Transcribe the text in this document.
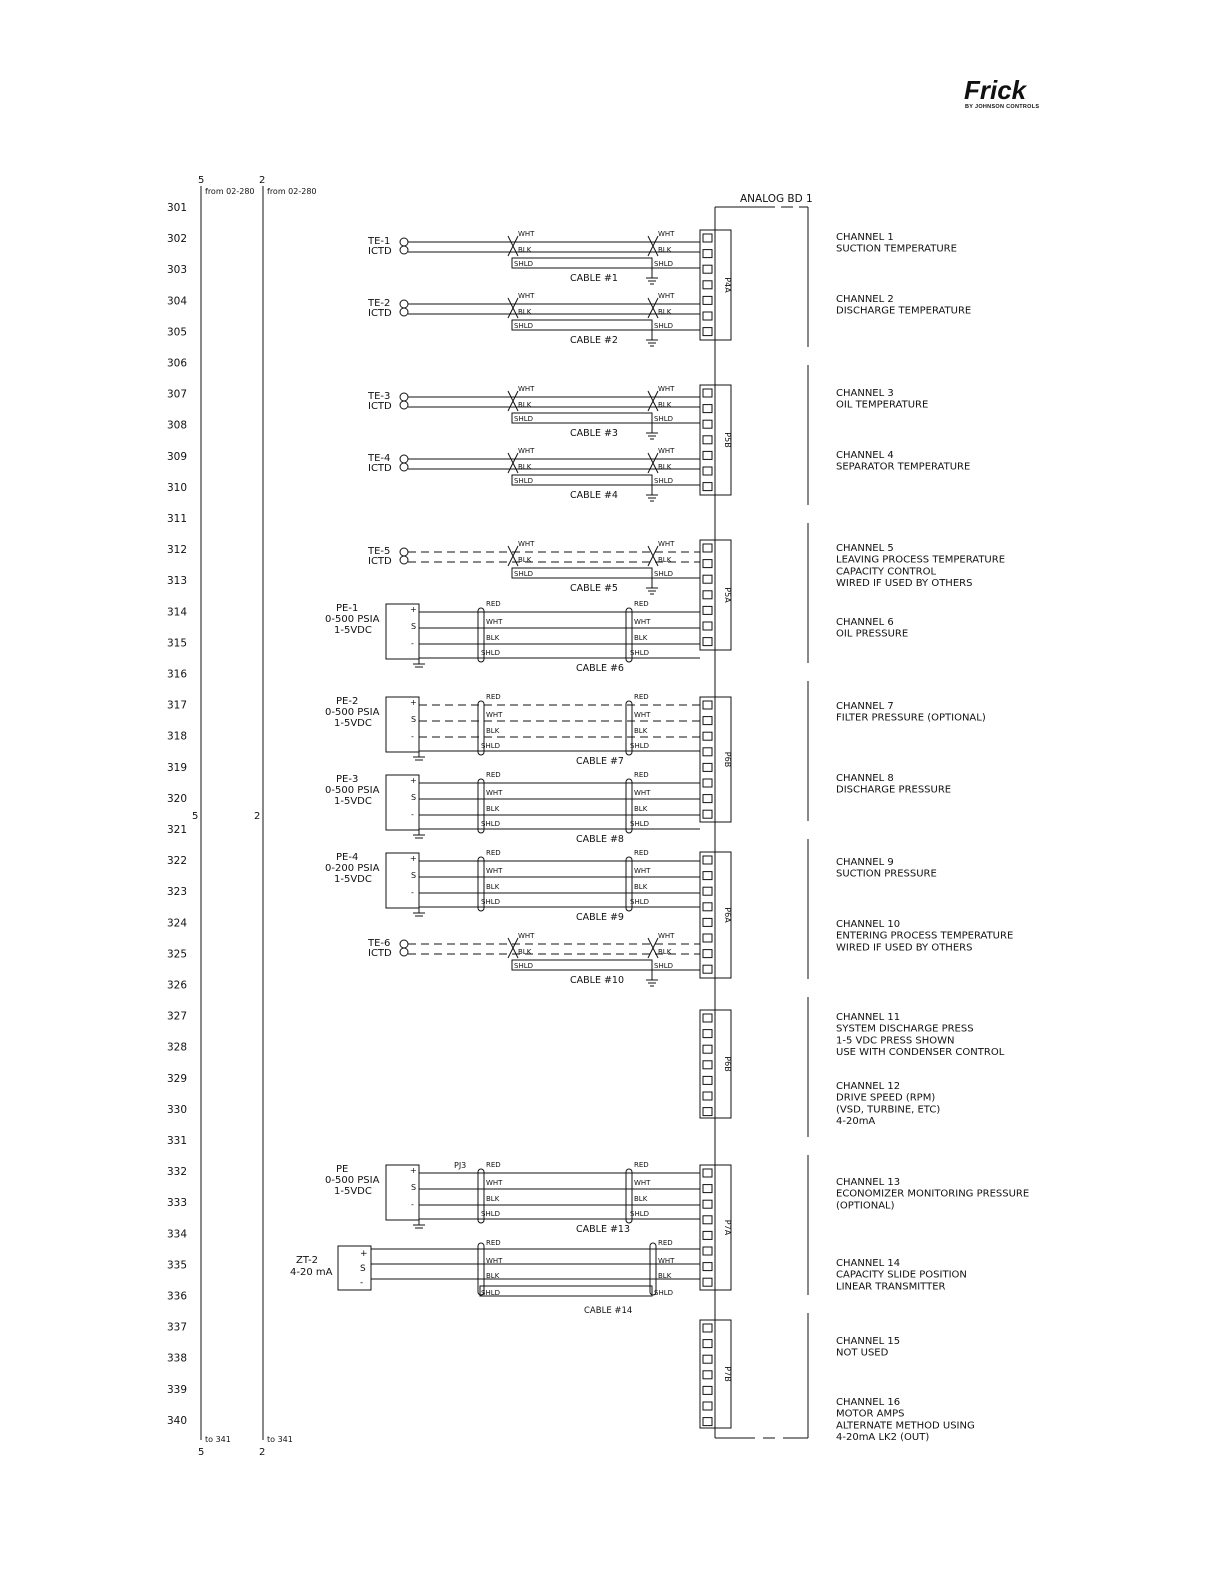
Frick
BY JOHNSON CONTROLS
5
from 02-280
5
to 341
5
2
from 02-280
2
to 341
2
301
302
303
304
305
306
307
308
309
310
311
312
313
314
315
316
317
318
319
320
321
322
323
324
325
326
327
328
329
330
331
332
333
334
335
336
337
338
339
340
ANALOG BD 1
P4A
P5B
P5A
P6B
P6A
P6B
P7A
P7B
TE-1
ICTD
WHT
BLK
SHLD
WHT
BLK
SHLD
CABLE #1
TE-2
ICTD
WHT
BLK
SHLD
WHT
BLK
SHLD
CABLE #2
TE-3
ICTD
WHT
BLK
SHLD
WHT
BLK
SHLD
CABLE #3
TE-4
ICTD
WHT
BLK
SHLD
WHT
BLK
SHLD
CABLE #4
TE-5
ICTD
WHT
BLK
SHLD
WHT
BLK
SHLD
CABLE #5
TE-6
ICTD
WHT
BLK
SHLD
WHT
BLK
SHLD
CABLE #10
PE-1
0-500 PSIA
1-5VDC
+
S
-
RED
WHT
BLK
SHLD
RED
WHT
BLK
SHLD
CABLE #6
PE-2
0-500 PSIA
1-5VDC
+
S
-
RED
WHT
BLK
SHLD
RED
WHT
BLK
SHLD
CABLE #7
PE-3
0-500 PSIA
1-5VDC
+
S
-
RED
WHT
BLK
SHLD
RED
WHT
BLK
SHLD
CABLE #8
PE-4
0-200 PSIA
1-5VDC
+
S
-
RED
WHT
BLK
SHLD
RED
WHT
BLK
SHLD
CABLE #9
PE
0-500 PSIA
1-5VDC
+
S
-
RED
WHT
BLK
SHLD
RED
WHT
BLK
SHLD
CABLE #13
PJ3
ZT-2
4-20 mA
+
S
-
RED
WHT
BLK
SHLD
RED
WHT
BLK
SHLD
CABLE #14
CHANNEL 1
SUCTION TEMPERATURE
CHANNEL 2
DISCHARGE TEMPERATURE
CHANNEL 3
OIL TEMPERATURE
CHANNEL 4
SEPARATOR TEMPERATURE
CHANNEL 5
LEAVING PROCESS TEMPERATURE
CAPACITY CONTROL
WIRED IF USED BY OTHERS
CHANNEL 6
OIL PRESSURE
CHANNEL 7
FILTER PRESSURE (OPTIONAL)
CHANNEL 8
DISCHARGE PRESSURE
CHANNEL 9
SUCTION PRESSURE
CHANNEL 10
ENTERING PROCESS TEMPERATURE
WIRED IF USED BY OTHERS
CHANNEL 11
SYSTEM DISCHARGE PRESS
1-5 VDC PRESS SHOWN
USE WITH CONDENSER CONTROL
CHANNEL 12
DRIVE SPEED (RPM)
(VSD, TURBINE, ETC)
4-20mA
CHANNEL 13
ECONOMIZER MONITORING PRESSURE
(OPTIONAL)
CHANNEL 14
CAPACITY SLIDE POSITION
LINEAR TRANSMITTER
CHANNEL 15
NOT USED
CHANNEL 16
MOTOR AMPS
ALTERNATE METHOD USING
4-20mA LK2 (OUT)
